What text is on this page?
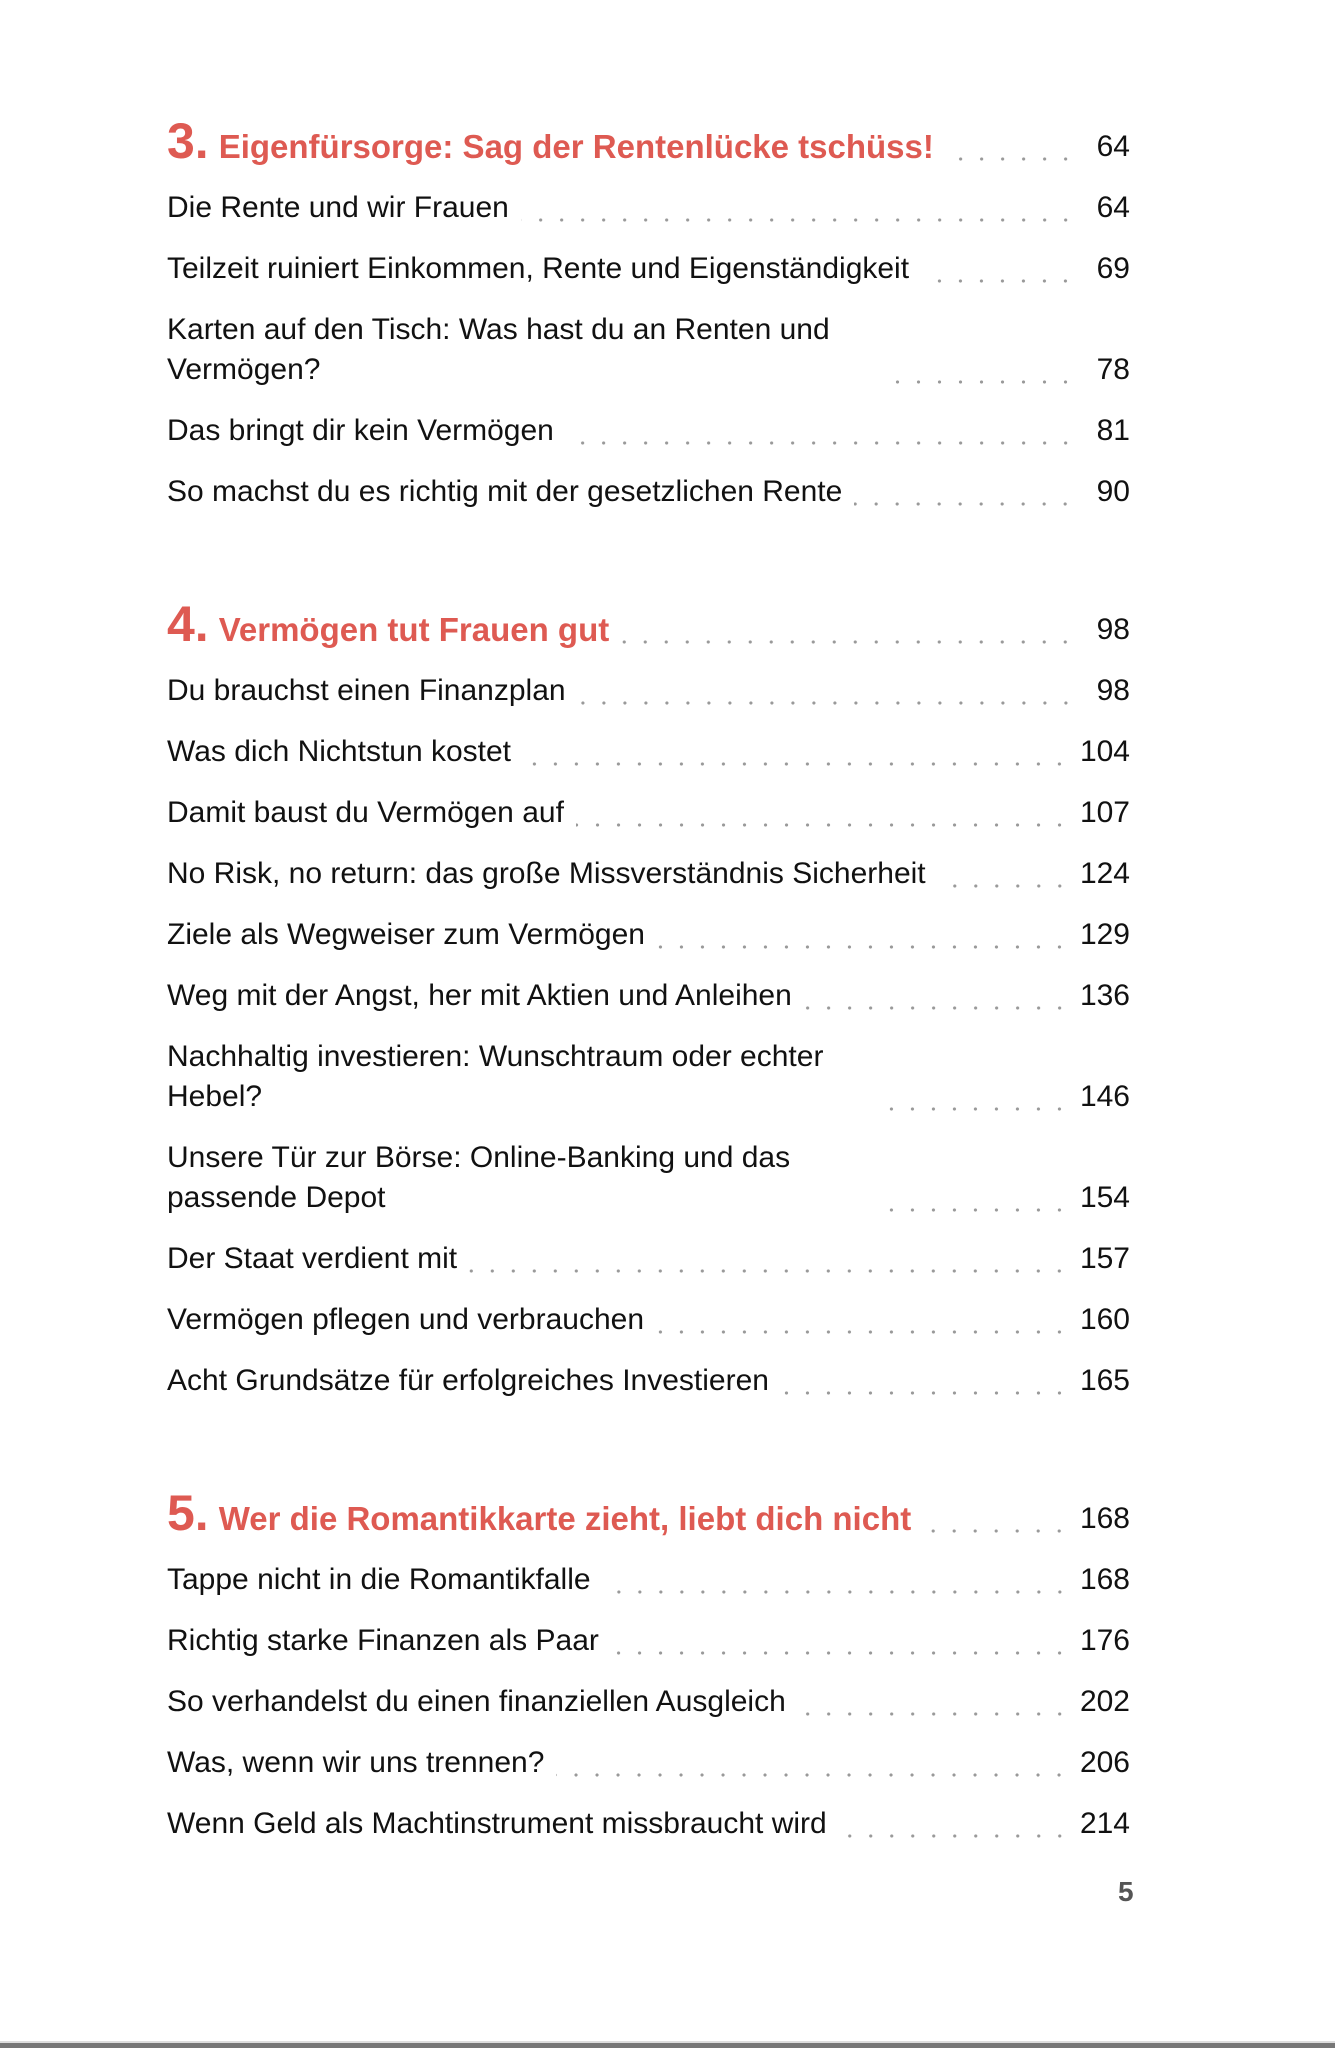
3. Eigenfürsorge: Sag der Rentenlücke tschüss!	64
Die Rente und wir Frauen	64
Teilzeit ruiniert Einkommen, Rente und Eigenständigkeit	69
Karten auf den Tisch: Was hast du an Renten und Vermögen?	78
Das bringt dir kein Vermögen	81
So machst du es richtig mit der gesetzlichen Rente	90
4. Vermögen tut Frauen gut	98
Du brauchst einen Finanzplan	98
Was dich Nichtstun kostet	104
Damit baust du Vermögen auf	107
No Risk, no return: das große Missverständnis Sicherheit	124
Ziele als Wegweiser zum Vermögen	129
Weg mit der Angst, her mit Aktien und Anleihen	136
Nachhaltig investieren: Wunschtraum oder echter Hebel?	146
Unsere Tür zur Börse: Online-Banking und das passende Depot	154
Der Staat verdient mit	157
Vermögen pflegen und verbrauchen	160
Acht Grundsätze für erfolgreiches Investieren	165
5. Wer die Romantikkarte zieht, liebt dich nicht	168
Tappe nicht in die Romantikfalle	168
Richtig starke Finanzen als Paar	176
So verhandelst du einen finanziellen Ausgleich	202
Was, wenn wir uns trennen?	206
Wenn Geld als Machtinstrument missbraucht wird	214
5
